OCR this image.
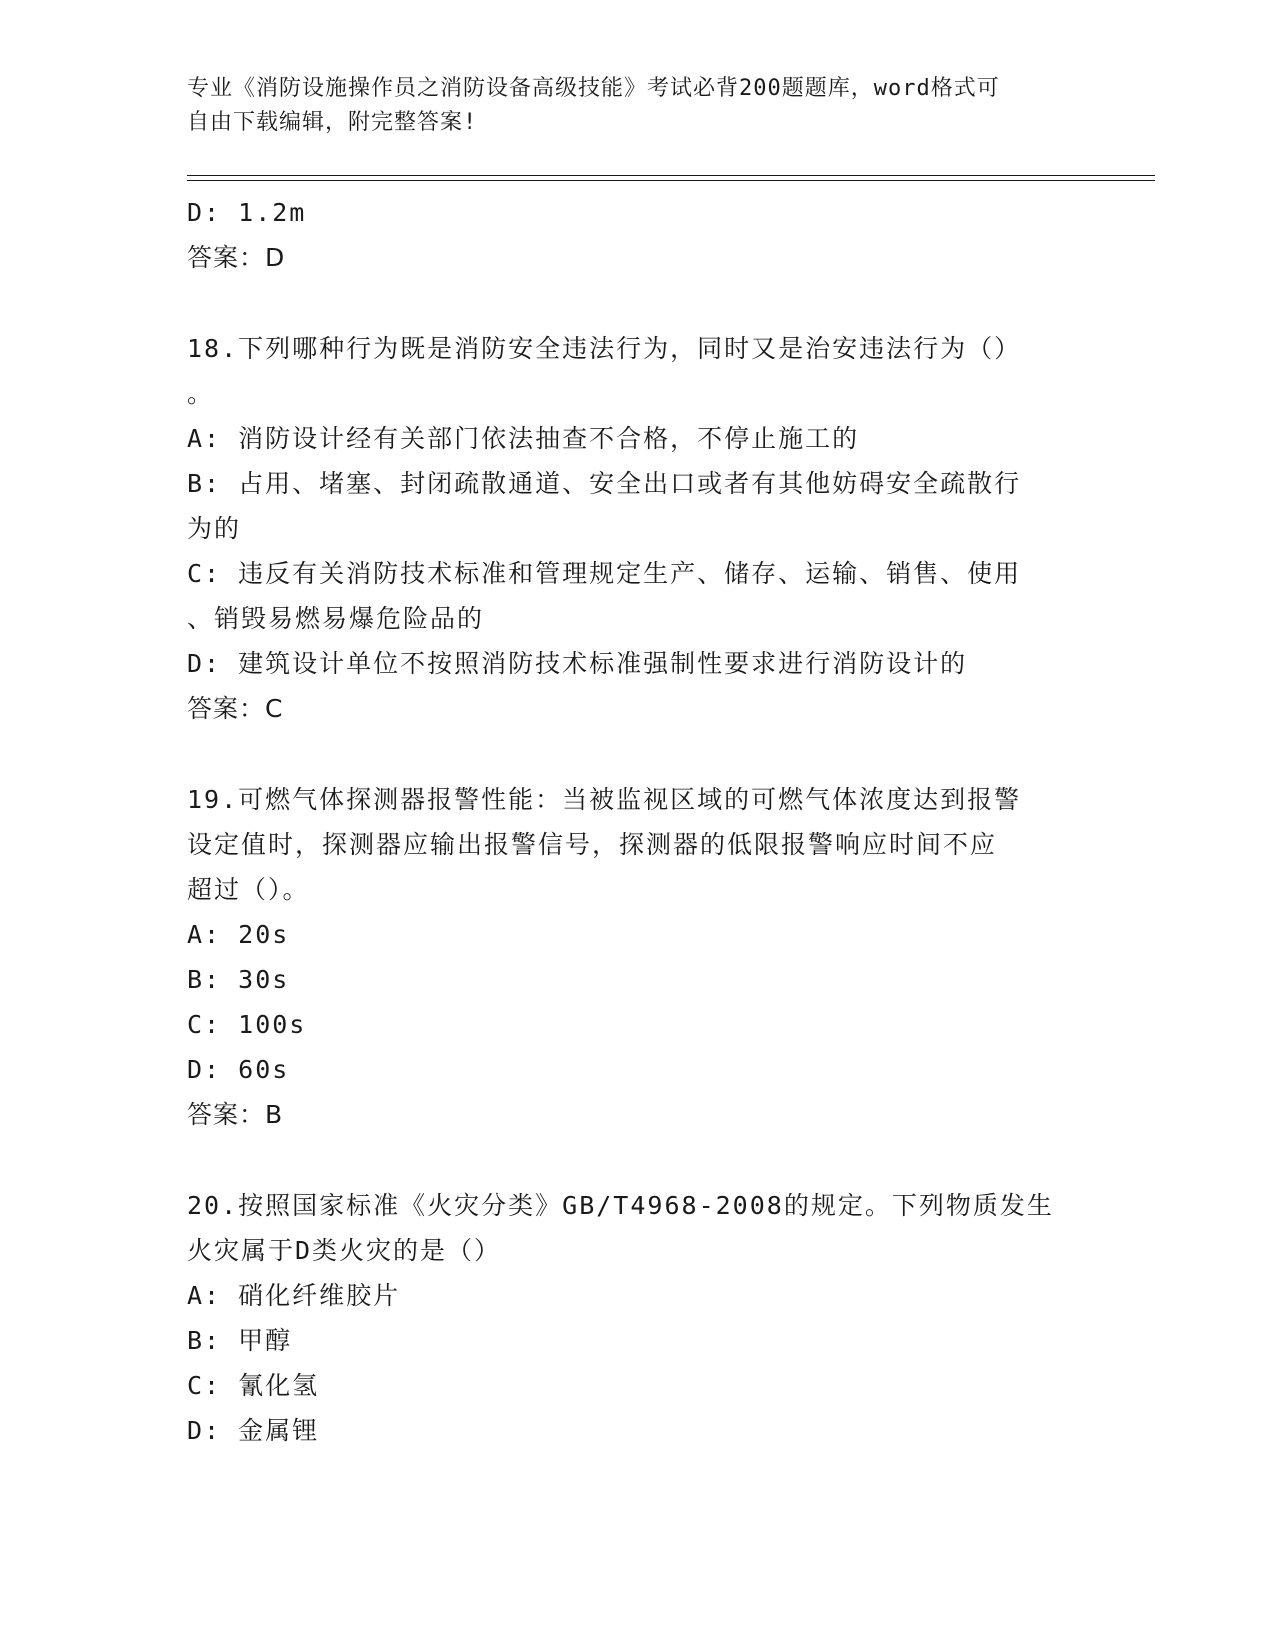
专业《消防设施操作员之消防设备高级技能》考试必背200题题库，word格式可
自由下载编辑，附完整答案!

D: 1.2m

答案：D

18.下列哪种行为既是消防安全违法行为，同时又是治安违法行为（）

。

A: 消防设计经有关部门依法抽查不合格，不停止施工的

B: 占用、堵塞、封闭疏散通道、安全出口或者有其他妨碍安全疏散行

为的

C: 违反有关消防技术标准和管理规定生产、储存、运输、销售、使用

、销毁易燃易爆危险品的

D: 建筑设计单位不按照消防技术标准强制性要求进行消防设计的

答案：C

19.可燃气体探测器报警性能：当被监视区域的可燃气体浓度达到报警

设定值时，探测器应输出报警信号，探测器的低限报警响应时间不应

超过（）。

A: 20s

B: 30s

C: 100s

D: 60s

答案：B

20.按照国家标准《火灾分类》GB/T4968-2008的规定。下列物质发生

火灾属于D类火灾的是（）

A: 硝化纤维胶片

B: 甲醇

C: 氰化氢

D: 金属锂
